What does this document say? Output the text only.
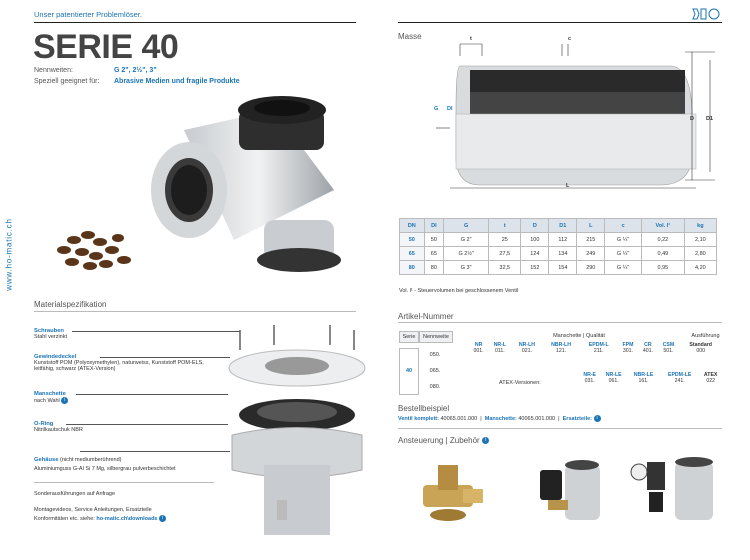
Unser patentierter Problemlöser.
SERIE 40
Nennweiten:	G 2", 2½", 3"
Speziell geeignet für: Abrasive Medien und fragile Produkte
www.ho-matic.ch
Masse	t	c
G DI
D D1
L
DN	DI	G	t	D	D1	L	c	Vol. l¹	kg
50	50	G 2"	25	100	112	215	G ¼"	0,22	2,10
65	65	G 2½"	27,5	124	134	249	G ¼"	0,49	2,80
80	80	G 3"	32,5	152	154	290	G ¼"	0,95	4,20
Vol. l¹ - Steuervolumen bei geschlossenem Ventil
Materialspezifikation
Schrauben
Stahl verzinkt
Gewindedeckel
Kunststoff POM (Polyoxymethylen), naturweiss, Kunststoff POM-ELS, leitfähig, schwarz (ATEX-Version)
Manschette
nach Wahl i
O-Ring
Nitrilkautschuk NBR
Gehäuse (nicht mediumberührend)
Aluminiumguss G-Al Si 7 Mg, silbergrau pulverbeschichtet
Sonderausführungen auf Anfrage
Montagevideos, Service Anleitungen, Ersatzteile
Konformitäten etc. siehe: ho-matic.ch\downloads i
Artikel-Nummer
Serie	Nennweite	Manschette | Qualität	Ausführung
40
050.
065.
080.
NR	NR-L	NR-LH	NBR-LH	EPDM-L	FPM	CR	CSM	Standard
001.	011.	021.	121.	211.	301.	401.	501.	000
ATEX-Versionen:
NR-E	NR-LE	NBR-LE	EPDM-LE	ATEX
031.	061.	161.	241.	022
Bestellbeispiel
Ventil komplett: 40065.001.000  |  Manschette: 40065.001.000  |  Ersatzteile: i
Ansteuerung | Zubehör i
